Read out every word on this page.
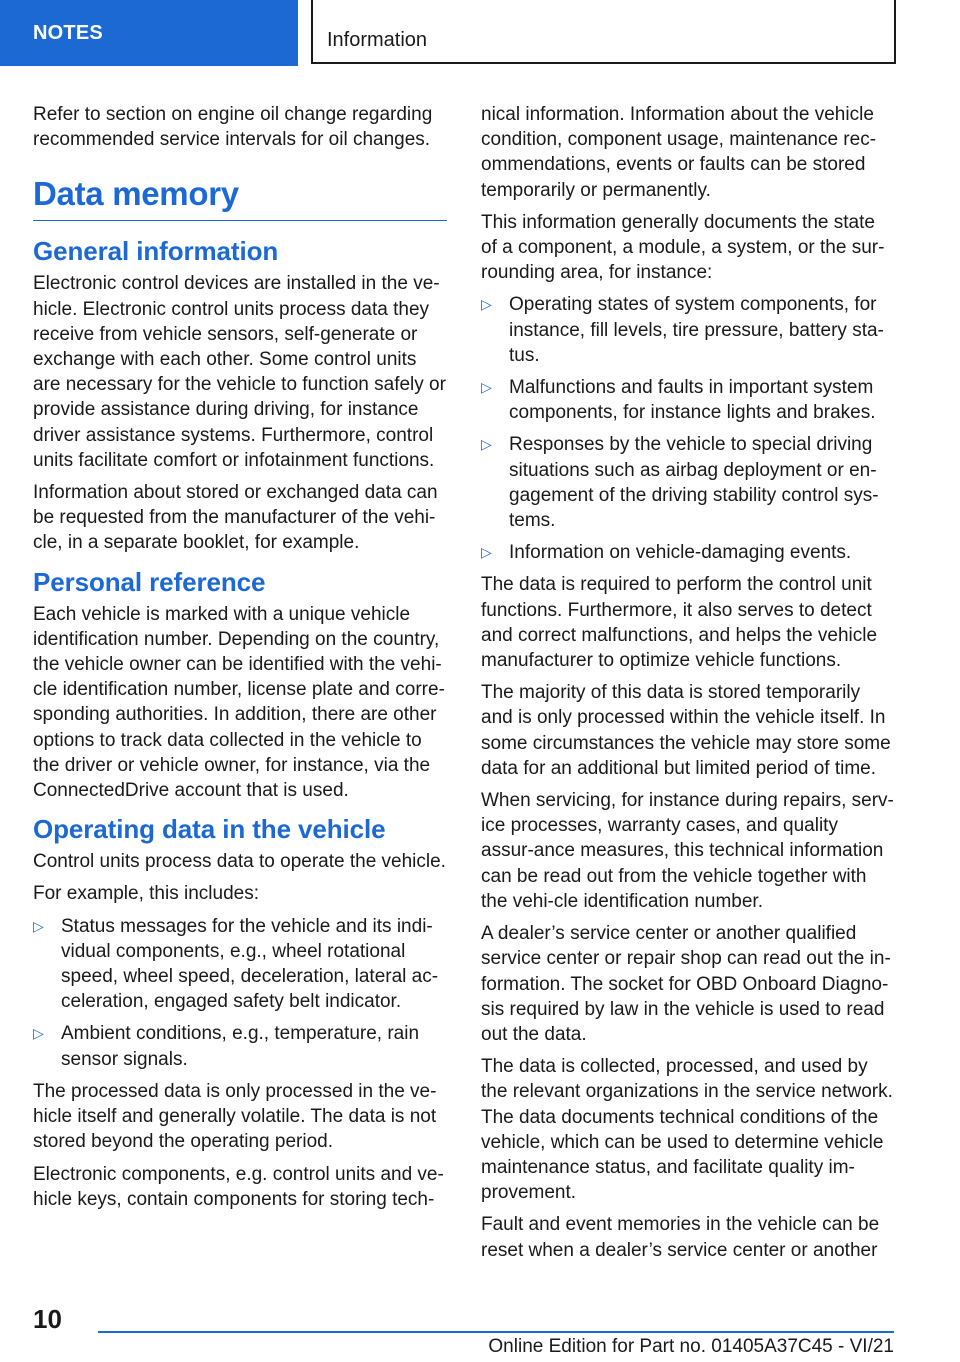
NOTES	Information

Refer to section on engine oil change regarding recommended service intervals for oil changes.

Data memory
General information

Electronic control devices are installed in the ve‐hicle. Electronic control units process data they receive from vehicle sensors, self-generate or exchange with each other. Some control units are necessary for the vehicle to function safely or provide assistance during driving, for instance driver assistance systems. Furthermore, control units facilitate comfort or infotainment functions.

Information about stored or exchanged data can be requested from the manufacturer of the vehi‐cle, in a separate booklet, for example.

Personal reference

Each vehicle is marked with a unique vehicle identification number. Depending on the country, the vehicle owner can be identified with the vehi‐cle identification number, license plate and corre‐sponding authorities. In addition, there are other options to track data collected in the vehicle to the driver or vehicle owner, for instance, via the ConnectedDrive account that is used.

Operating data in the vehicle

Control units process data to operate the vehicle.

For example, this includes:

▷ Status messages for the vehicle and its indi‐vidual components, e.g., wheel rotational speed, wheel speed, deceleration, lateral ac‐celeration, engaged safety belt indicator.
▷ Ambient conditions, e.g., temperature, rain sensor signals.

The processed data is only processed in the ve‐hicle itself and generally volatile. The data is not stored beyond the operating period.

Electronic components, e.g. control units and ve‐hicle keys, contain components for storing tech‐

nical information. Information about the vehicle condition, component usage, maintenance rec‐ommendations, events or faults can be stored temporarily or permanently.

This information generally documents the state of a component, a module, a system, or the sur‐rounding area, for instance:

▷ Operating states of system components, for instance, fill levels, tire pressure, battery sta‐tus.
▷ Malfunctions and faults in important system components, for instance lights and brakes.
▷ Responses by the vehicle to special driving situations such as airbag deployment or en‐gagement of the driving stability control sys‐tems.
▷ Information on vehicle-damaging events.

The data is required to perform the control unit functions. Furthermore, it also serves to detect and correct malfunctions, and helps the vehicle manufacturer to optimize vehicle functions.

The majority of this data is stored temporarily and is only processed within the vehicle itself. In some circumstances the vehicle may store some data for an additional but limited period of time.

When servicing, for instance during repairs, serv‐ice processes, warranty cases, and quality assur‐ance measures, this technical information can be read out from the vehicle together with the vehi‐cle identification number.

A dealer’s service center or another qualified service center or repair shop can read out the in‐formation. The socket for OBD Onboard Diagno‐sis required by law in the vehicle is used to read out the data.

The data is collected, processed, and used by the relevant organizations in the service network. The data documents technical conditions of the vehicle, which can be used to determine vehicle maintenance status, and facilitate quality im‐provement.

Fault and event memories in the vehicle can be reset when a dealer’s service center or another

10
Online Edition for Part no. 01405A37C45 - VI/21
